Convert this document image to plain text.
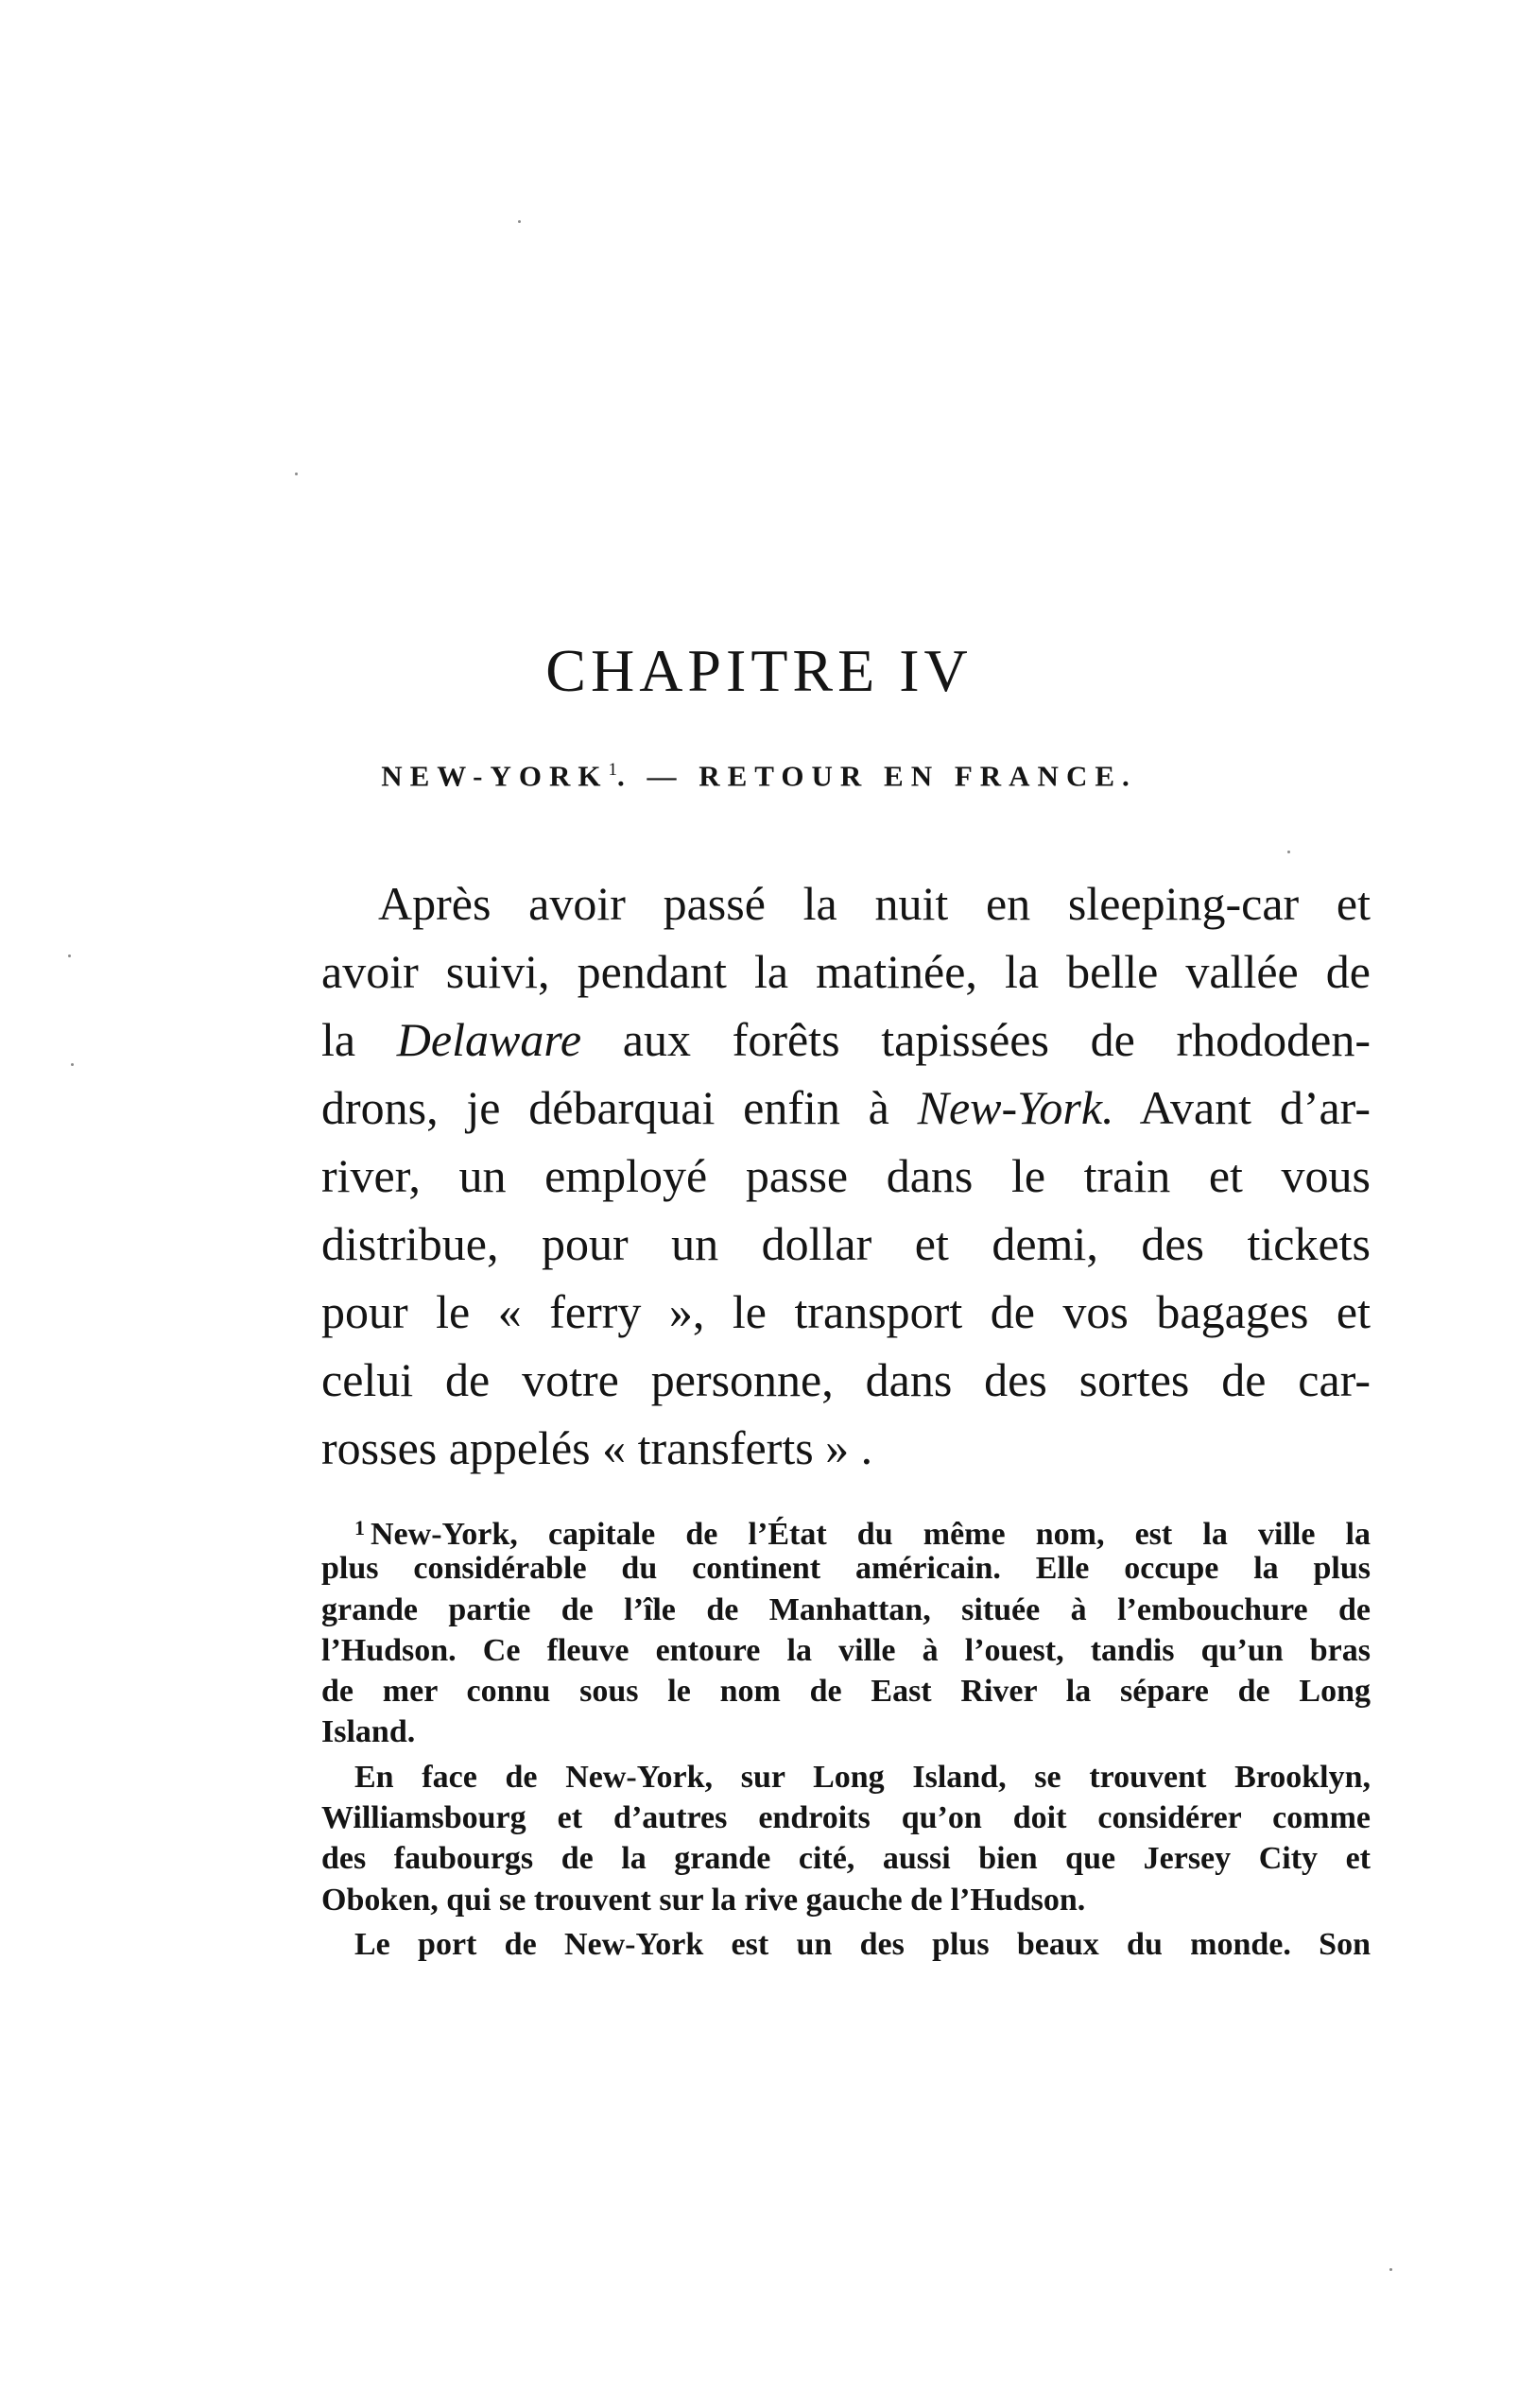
CHAPITRE IV
NEW-YORK$^1$. — RETOUR EN FRANCE.
Après avoir passé la nuit en sleeping-car et
avoir suivi, pendant la matinée, la belle vallée de
la Delaware aux forêts tapissées de rhododen-
drons, je débarquai enfin à New-York. Avant d’ar-
river, un employé passe dans le train et vous
distribue, pour un dollar et demi, des tickets
pour le « ferry », le transport de vos bagages et
celui de votre personne, dans des sortes de car-
rosses appelés « transferts » .
$^1$ New-York, capitale de l’État du même nom, est la ville la
plus considérable du continent américain. Elle occupe la plus
grande partie de l’île de Manhattan, située à l’embouchure de
l’Hudson. Ce fleuve entoure la ville à l’ouest, tandis qu’un bras
de mer connu sous le nom de East River la sépare de Long
Island.
En face de New-York, sur Long Island, se trouvent Brooklyn,
Williamsbourg et d’autres endroits qu’on doit considérer comme
des faubourgs de la grande cité, aussi bien que Jersey City et
Oboken, qui se trouvent sur la rive gauche de l’Hudson.
Le port de New-York est un des plus beaux du monde. Son
